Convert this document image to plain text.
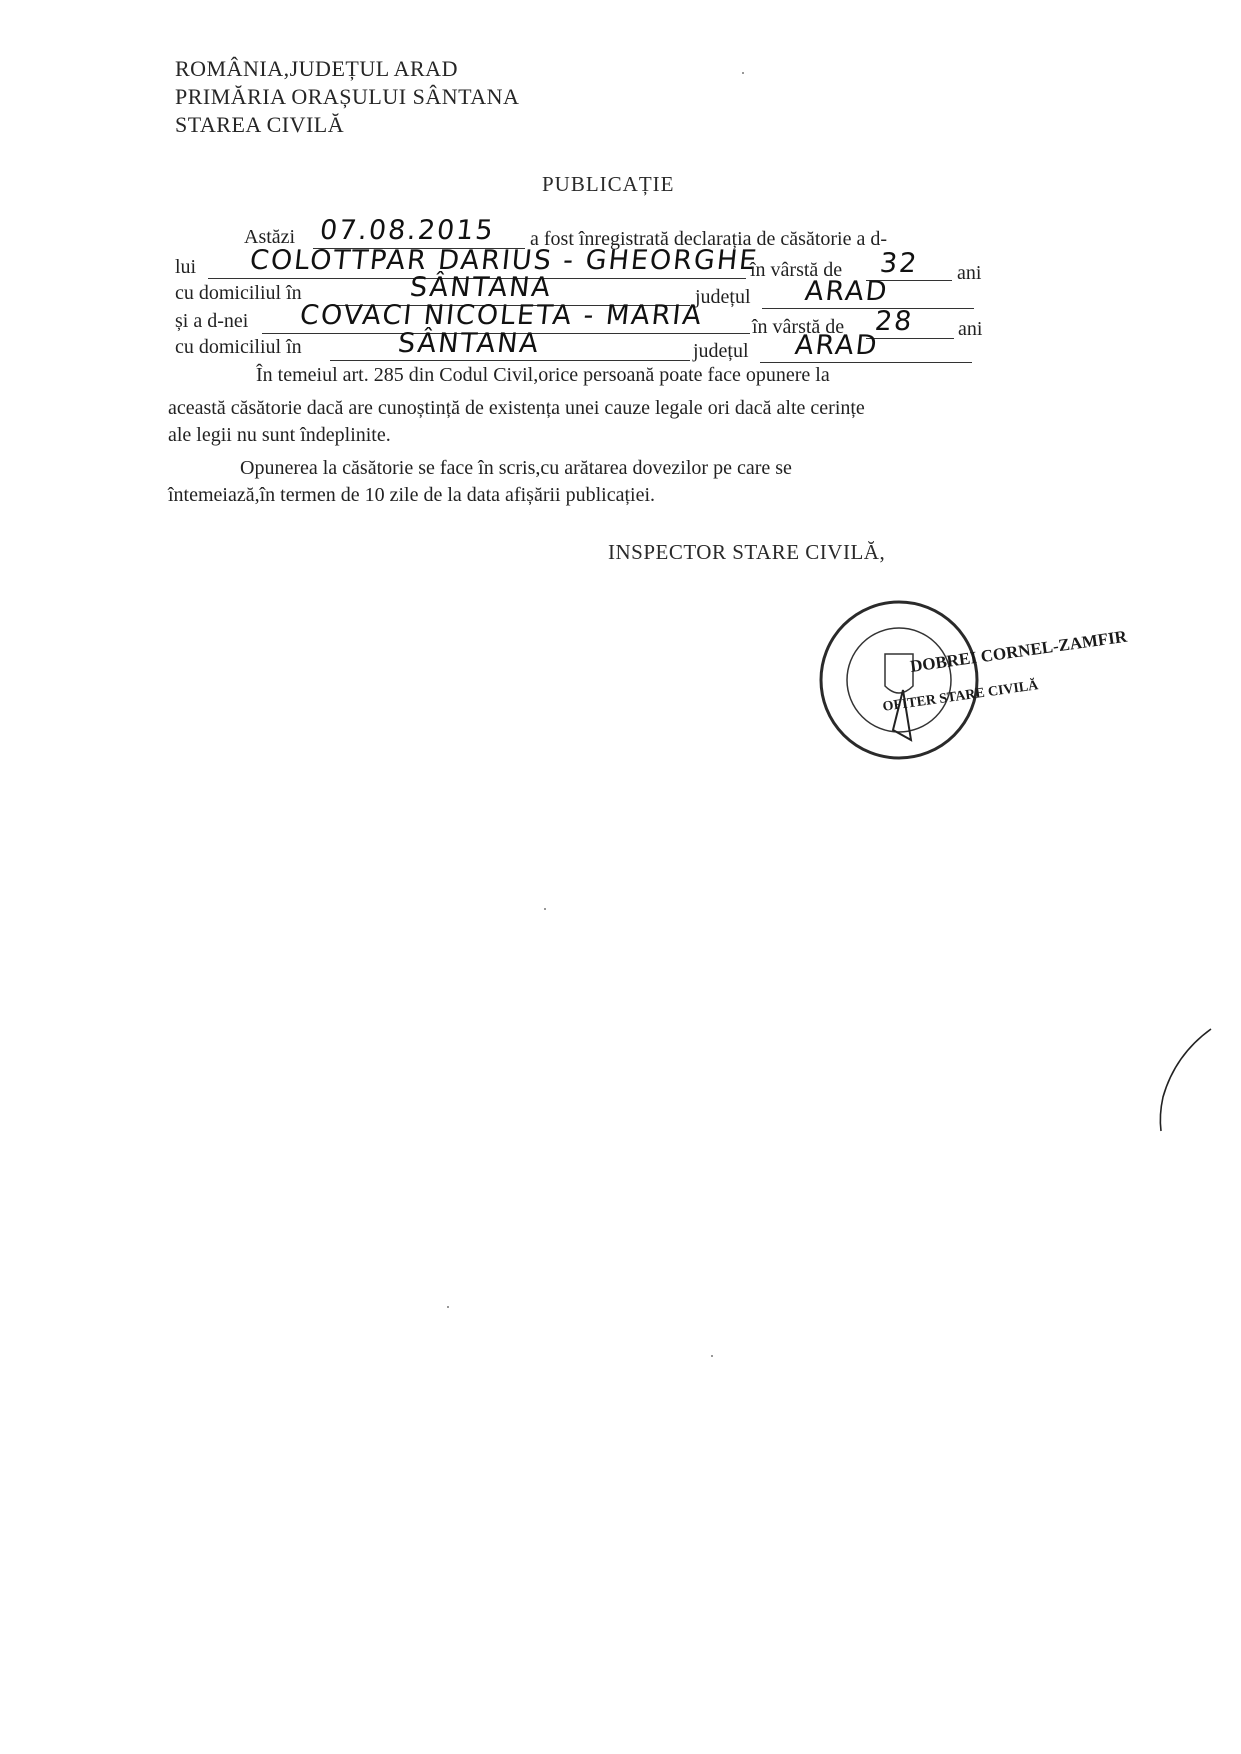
ROMÂNIA,JUDEȚUL ARAD
PRIMĂRIA ORAȘULUI SÂNTANA
STAREA CIVILĂ
PUBLICAȚIE
Astăzi 07.08.2015 a fost înregistrată declarația de căsătorie a d-
lui COLOTTPAR DARIUS - GHEORGHE
în vârstă de 32 ani
cu domiciliul în	SÂNTANA	județul ARAD
și a d-nei COVACI NICOLETA - MARIA în vârstă de 28 ani
cu domiciliul în	SÂNTANA	județul ARAD
În temeiul art. 285 din Codul Civil,orice persoană poate face opunere la
această căsătorie dacă are cunoștință de existența unei cauze legale ori dacă alte cerințe
ale legii nu sunt îndeplinite.
Opunerea la căsătorie se face în scris,cu arătarea dovezilor pe care se
întemeiază,în termen de 10 zile de la data afișării publicației.
INSPECTOR STARE CIVILĂ,
DOBREI CORNEL-ZAMFIR
OFITER STARE CIVILĂ
